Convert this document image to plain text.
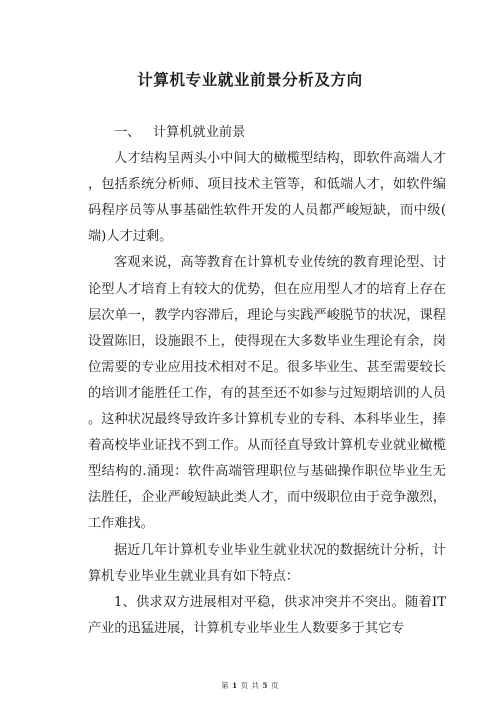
计算机专业就业前景分析及方向

一、   计算机就业前景

人才结构呈两头小中间大的橄榄型结构，即软件高端人才，包括系统分析师、项目技术主管等，和低端人才，如软件编码程序员等从事基础性软件开发的人员都严峻短缺，而中级(端)人才过剩。

客观来说，高等教育在计算机专业传统的教育理论型、讨论型人才培育上有较大的优势，但在应用型人才的培育上存在层次单一，教学内容滞后，理论与实践严峻脱节的状况，课程设置陈旧，设施跟不上，使得现在大多数毕业生理论有余，岗位需要的专业应用技术相对不足。很多毕业生、甚至需要较长的培训才能胜任工作，有的甚至还不如参与过短期培训的人员。这种状况最终导致许多计算机专业的专科、本科毕业生，捧着高校毕业证找不到工作。从而径直导致计算机专业就业橄榄型结构的.涌现：软件高端管理职位与基础操作职位毕业生无法胜任，企业严峻短缺此类人才，而中级职位由于竞争激烈，工作难找。

据近几年计算机专业毕业生就业状况的数据统计分析，计算机专业毕业生就业具有如下特点：

1、供求双方进展相对平稳，供求冲突并不突出。随着IT产业的迅猛进展，计算机专业毕业生人数要多于其它专

第 1 页 共 5 页
